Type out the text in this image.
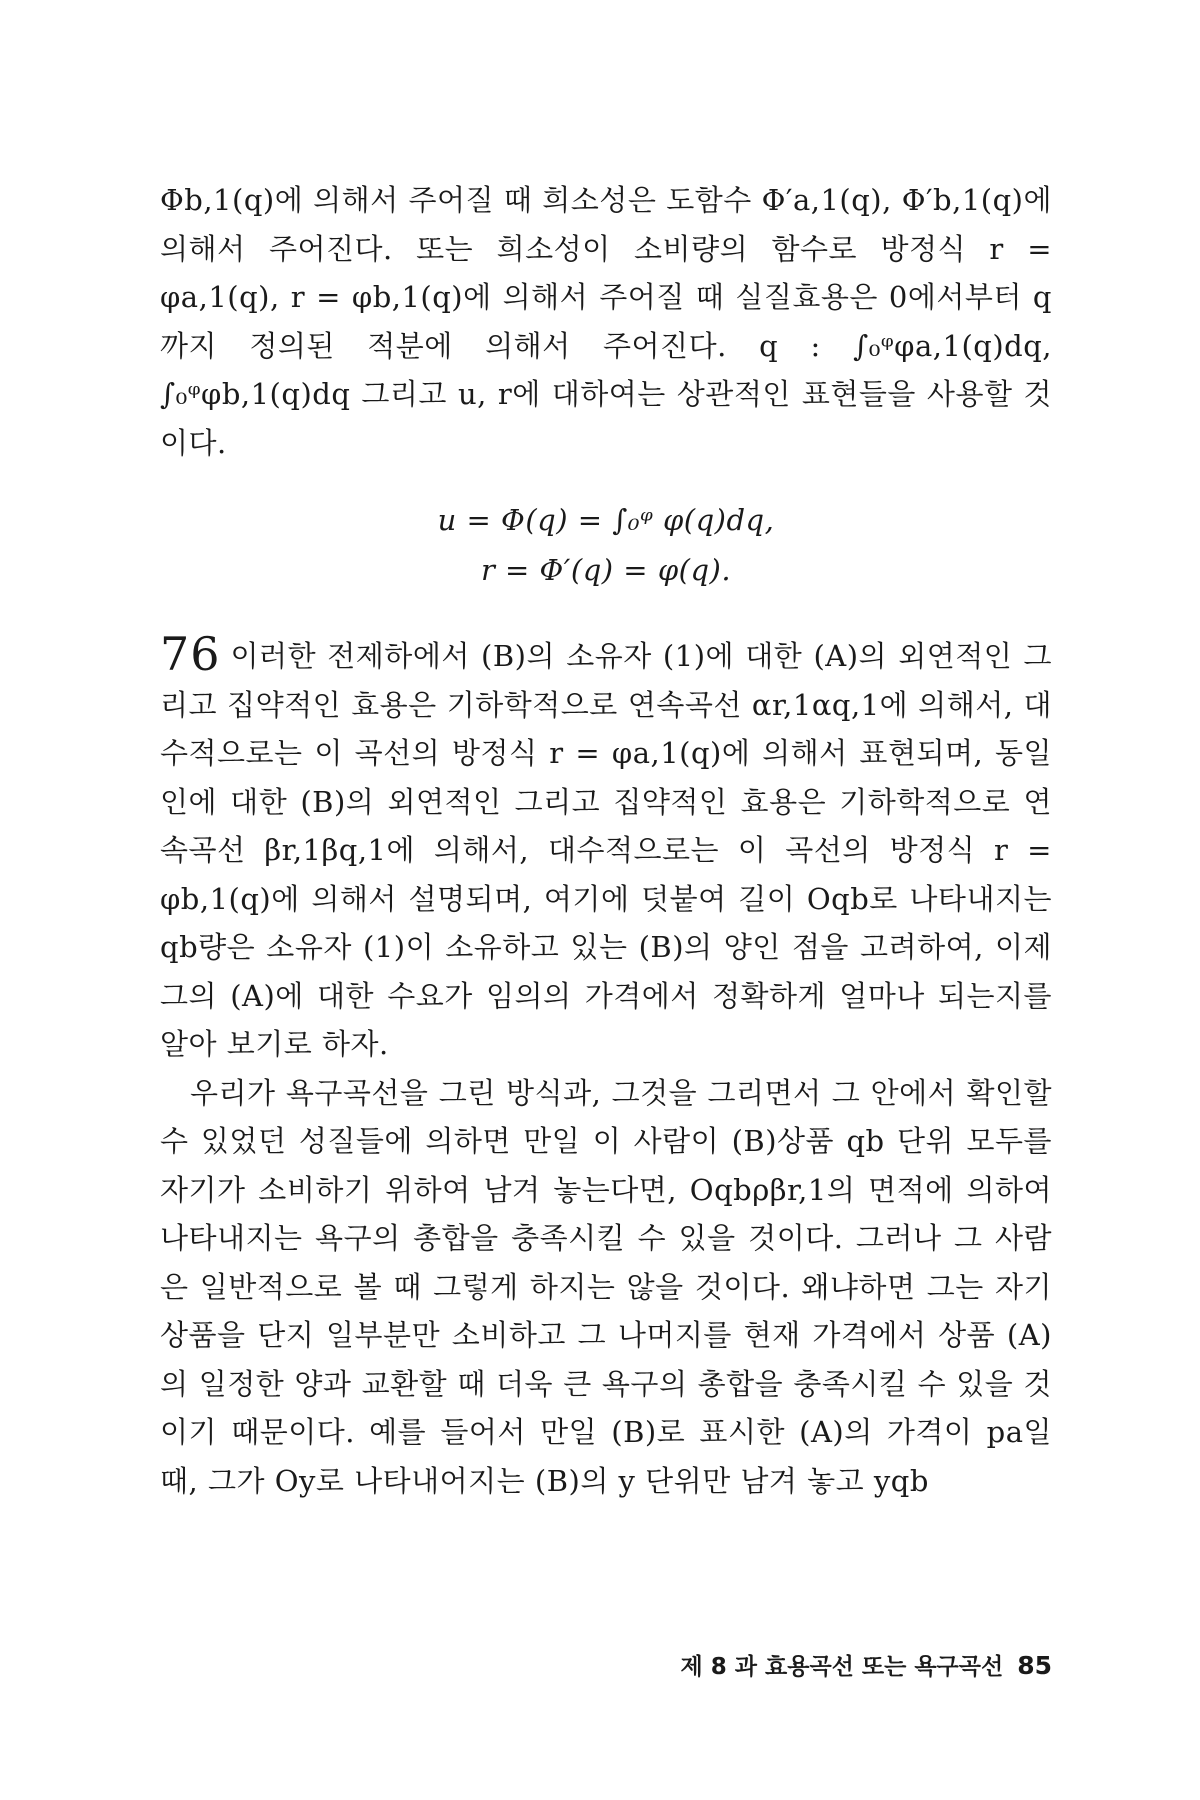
Φb,1(q)에 의해서 주어질 때 희소성은 도함수 Φ′a,1(q), Φ′b,1(q)에 의해서 주어진다. 또는 희소성이 소비량의 함수로 방정식 r = φa,1(q), r = φb,1(q)에 의해서 주어질 때 실질효용은 0에서부터 q까지 정의된 적분에 의해서 주어진다. q : ∫₀ᵠφa,1(q)dq, ∫₀ᵠφb,1(q)dq 그리고 u, r에 대하여는 상관적인 표현들을 사용할 것이다.

u = Φ(q) = ∫₀ᵠ φ(q)dq,
r = Φ′(q) = φ(q).

76 이러한 전제하에서 (B)의 소유자 (1)에 대한 (A)의 외연적인 그리고 집약적인 효용은 기하학적으로 연속곡선 αr,1αq,1에 의해서, 대수적으로는 이 곡선의 방정식 r = φa,1(q)에 의해서 표현되며, 동일인에 대한 (B)의 외연적인 그리고 집약적인 효용은 기하학적으로 연속곡선 βr,1βq,1에 의해서, 대수적으로는 이 곡선의 방정식 r = φb,1(q)에 의해서 설명되며, 여기에 덧붙여 길이 Oqb로 나타내지는 qb량은 소유자 (1)이 소유하고 있는 (B)의 양인 점을 고려하여, 이제 그의 (A)에 대한 수요가 임의의 가격에서 정확하게 얼마나 되는지를 알아 보기로 하자.

우리가 욕구곡선을 그린 방식과, 그것을 그리면서 그 안에서 확인할 수 있었던 성질들에 의하면 만일 이 사람이 (B)상품 qb 단위 모두를 자기가 소비하기 위하여 남겨 놓는다면, Oqbρβr,1의 면적에 의하여 나타내지는 욕구의 총합을 충족시킬 수 있을 것이다. 그러나 그 사람은 일반적으로 볼 때 그렇게 하지는 않을 것이다. 왜냐하면 그는 자기 상품을 단지 일부분만 소비하고 그 나머지를 현재 가격에서 상품 (A)의 일정한 양과 교환할 때 더욱 큰 욕구의 총합을 충족시킬 수 있을 것이기 때문이다. 예를 들어서 만일 (B)로 표시한 (A)의 가격이 pa일 때, 그가 Oy로 나타내어지는 (B)의 y 단위만 남겨 놓고 yqb

제 8 과 효용곡선 또는 욕구곡선 85
